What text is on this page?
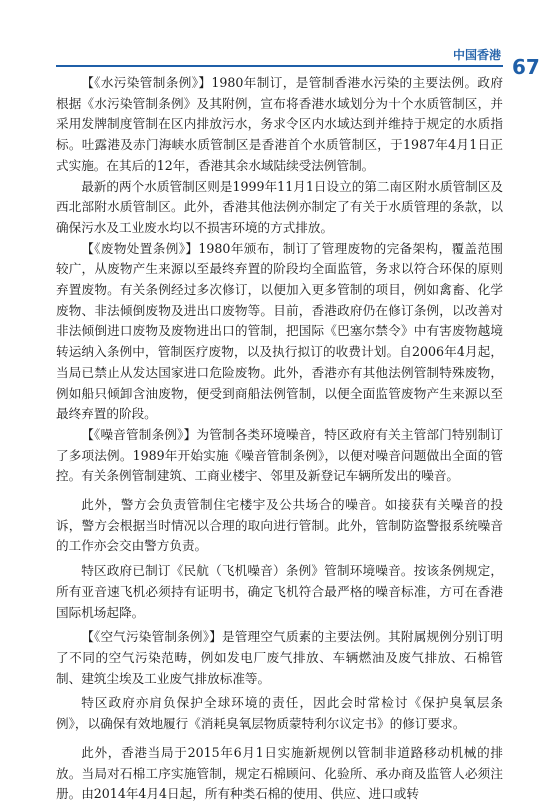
中国香港 67

【《水污染管制条例》】1980年制订，是管制香港水污染的主要法例。政府根据《水污染管制条例》及其附例，宣布将香港水域划分为十个水质管制区，并采用发牌制度管制在区内排放污水，务求令区内水域达到并维持于规定的水质指标。吐露港及赤门海峡水质管制区是香港首个水质管制区，于1987年4月1日正式实施。在其后的12年，香港其余水域陆续受法例管制。

最新的两个水质管制区则是1999年11月1日设立的第二南区附水质管制区及西北部附水质管制区。此外，香港其他法例亦制定了有关于水质管理的条款，以确保污水及工业废水均以不损害环境的方式排放。

【《废物处置条例》】1980年颁布，制订了管理废物的完备架构，覆盖范围较广，从废物产生来源以至最终弃置的阶段均全面监管，务求以符合环保的原则弃置废物。有关条例经过多次修订，以便加入更多管制的项目，例如禽畜、化学废物、非法倾倒废物及进出口废物等。目前，香港政府仍在修订条例，以改善对非法倾倒进口废物及废物进出口的管制，把国际《巴塞尔禁令》中有害废物越境转运纳入条例中，管制医疗废物，以及执行拟订的收费计划。自2006年4月起，当局已禁止从发达国家进口危险废物。此外，香港亦有其他法例管制特殊废物，例如船只倾卸含油废物，便受到商船法例管制，以便全面监管废物产生来源以至最终弃置的阶段。

【《噪音管制条例》】为管制各类环境噪音，特区政府有关主管部门特别制订了多项法例。1989年开始实施《噪音管制条例》，以便对噪音问题做出全面的管控。有关条例管制建筑、工商业楼宇、邻里及新登记车辆所发出的噪音。

此外，警方会负责管制住宅楼宇及公共场合的噪音。如接获有关噪音的投诉，警方会根据当时情况以合理的取向进行管制。此外，管制防盗警报系统噪音的工作亦会交由警方负责。

特区政府已制订《民航（飞机噪音）条例》管制环境噪音。按该条例规定，所有亚音速飞机必须持有证明书，确定飞机符合最严格的噪音标准，方可在香港国际机场起降。

【《空气污染管制条例》】是管理空气质素的主要法例。其附属规例分别订明了不同的空气污染范畴，例如发电厂废气排放、车辆燃油及废气排放、石棉管制、建筑尘埃及工业废气排放标准等。

特区政府亦肩负保护全球环境的责任，因此会时常检讨《保护臭氧层条例》，以确保有效地履行《消耗臭氧层物质蒙特利尔议定书》的修订要求。

此外，香港当局于2015年6月1日实施新规例以管制非道路移动机械的排放。当局对石棉工序实施管制，规定石棉顾问、化验所、承办商及监管人必须注册。由2014年4月4日起，所有种类石棉的使用、供应、进口或转
